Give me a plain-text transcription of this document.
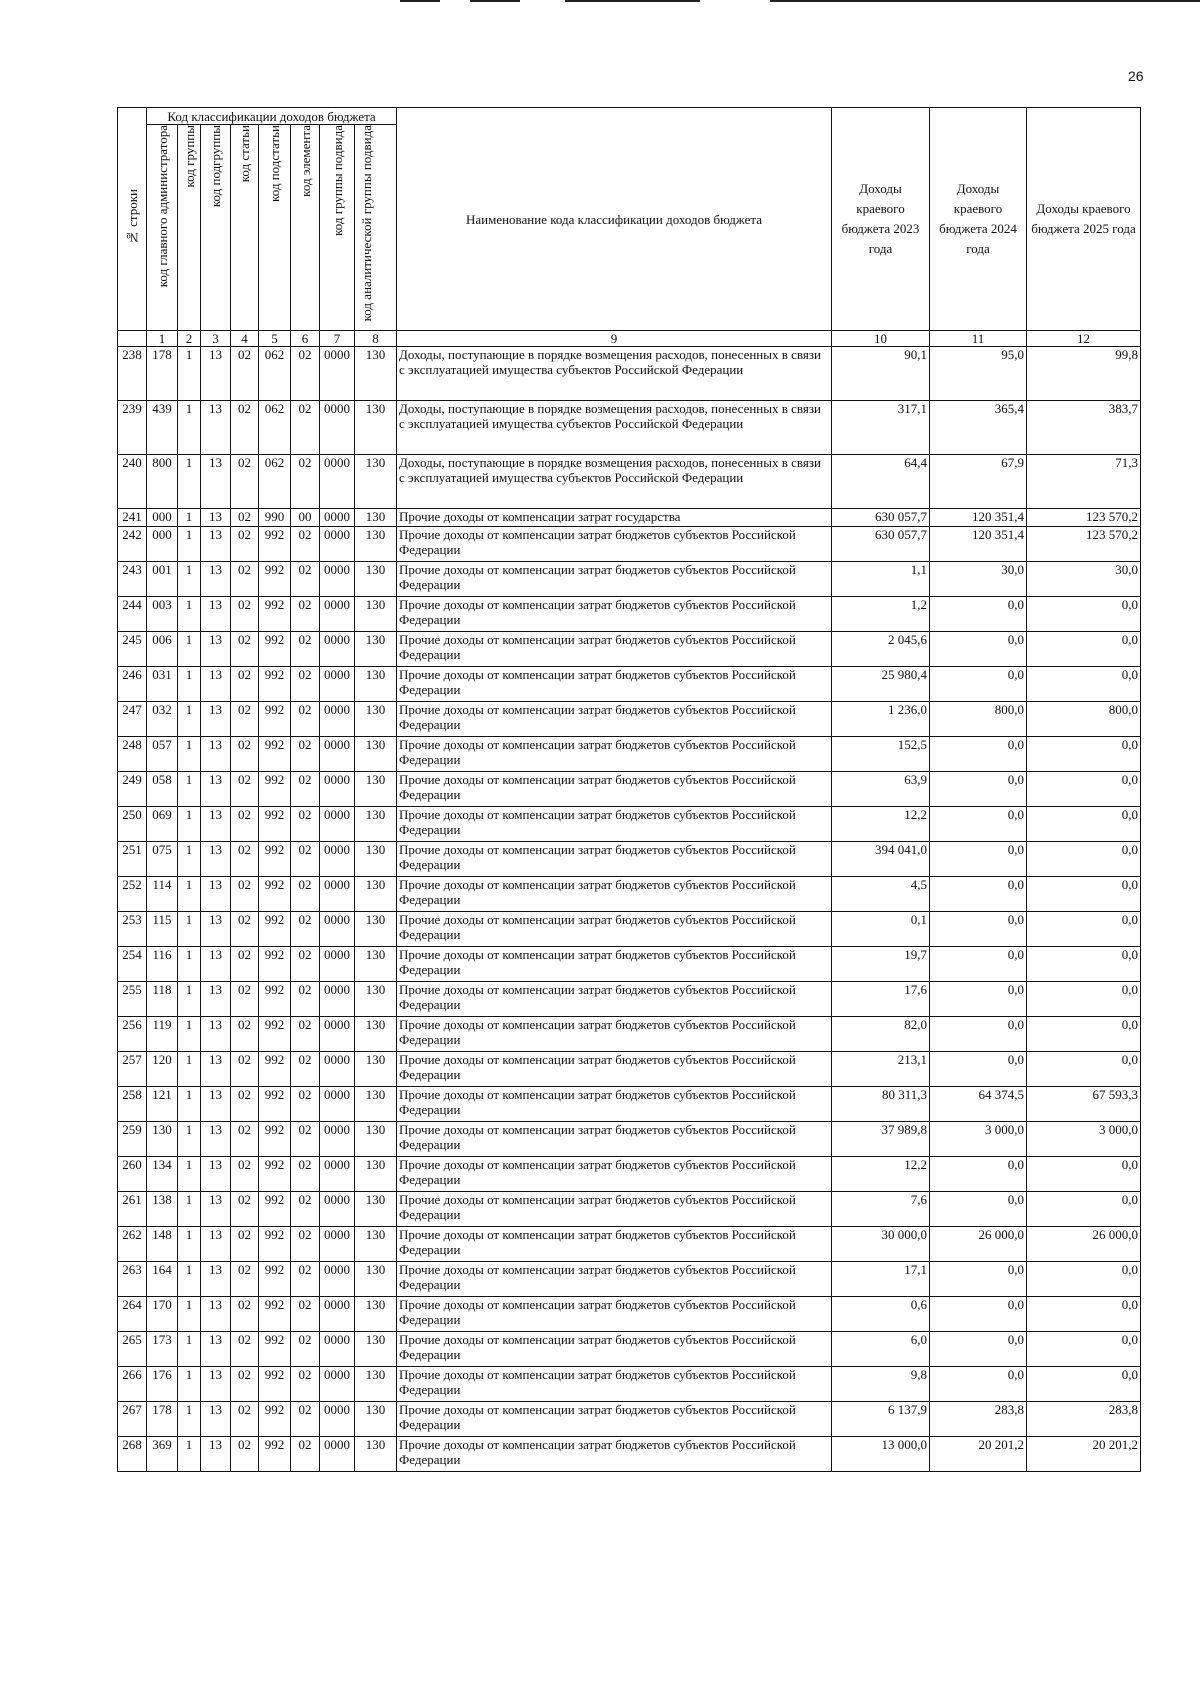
26
№ строки	Код классификации доходов бюджета								Наименование кода классификации доходов бюджета	Доходы краевого бюджета 2023 года	Доходы краевого бюджета 2024 года	Доходы краевого бюджета 2025 года
	код главного администратора	код группы	код подгруппы	код статьи	код подстатьи	код элемента	код группы подвида	код аналитической группы подвида				
	1	2	3	4	5	6	7	8	9	10	11	12
238	178	1	13	02	062	02	0000	130	Доходы, поступающие в порядке возмещения расходов, понесенных в связи с эксплуатацией имущества субъектов Российской Федерации	90,1	95,0	99,8
239	439	1	13	02	062	02	0000	130	Доходы, поступающие в порядке возмещения расходов, понесенных в связи с эксплуатацией имущества субъектов Российской Федерации	317,1	365,4	383,7
240	800	1	13	02	062	02	0000	130	Доходы, поступающие в порядке возмещения расходов, понесенных в связи с эксплуатацией имущества субъектов Российской Федерации	64,4	67,9	71,3
241	000	1	13	02	990	00	0000	130	Прочие доходы от компенсации затрат государства	630 057,7	120 351,4	123 570,2
242	000	1	13	02	992	02	0000	130	Прочие доходы от компенсации затрат бюджетов субъектов Российской Федерации	630 057,7	120 351,4	123 570,2
243	001	1	13	02	992	02	0000	130	Прочие доходы от компенсации затрат бюджетов субъектов Российской Федерации	1,1	30,0	30,0
244	003	1	13	02	992	02	0000	130	Прочие доходы от компенсации затрат бюджетов субъектов Российской Федерации	1,2	0,0	0,0
245	006	1	13	02	992	02	0000	130	Прочие доходы от компенсации затрат бюджетов субъектов Российской Федерации	2 045,6	0,0	0,0
246	031	1	13	02	992	02	0000	130	Прочие доходы от компенсации затрат бюджетов субъектов Российской Федерации	25 980,4	0,0	0,0
247	032	1	13	02	992	02	0000	130	Прочие доходы от компенсации затрат бюджетов субъектов Российской Федерации	1 236,0	800,0	800,0
248	057	1	13	02	992	02	0000	130	Прочие доходы от компенсации затрат бюджетов субъектов Российской Федерации	152,5	0,0	0,0
249	058	1	13	02	992	02	0000	130	Прочие доходы от компенсации затрат бюджетов субъектов Российской Федерации	63,9	0,0	0,0
250	069	1	13	02	992	02	0000	130	Прочие доходы от компенсации затрат бюджетов субъектов Российской Федерации	12,2	0,0	0,0
251	075	1	13	02	992	02	0000	130	Прочие доходы от компенсации затрат бюджетов субъектов Российской Федерации	394 041,0	0,0	0,0
252	114	1	13	02	992	02	0000	130	Прочие доходы от компенсации затрат бюджетов субъектов Российской Федерации	4,5	0,0	0,0
253	115	1	13	02	992	02	0000	130	Прочие доходы от компенсации затрат бюджетов субъектов Российской Федерации	0,1	0,0	0,0
254	116	1	13	02	992	02	0000	130	Прочие доходы от компенсации затрат бюджетов субъектов Российской Федерации	19,7	0,0	0,0
255	118	1	13	02	992	02	0000	130	Прочие доходы от компенсации затрат бюджетов субъектов Российской Федерации	17,6	0,0	0,0
256	119	1	13	02	992	02	0000	130	Прочие доходы от компенсации затрат бюджетов субъектов Российской Федерации	82,0	0,0	0,0
257	120	1	13	02	992	02	0000	130	Прочие доходы от компенсации затрат бюджетов субъектов Российской Федерации	213,1	0,0	0,0
258	121	1	13	02	992	02	0000	130	Прочие доходы от компенсации затрат бюджетов субъектов Российской Федерации	80 311,3	64 374,5	67 593,3
259	130	1	13	02	992	02	0000	130	Прочие доходы от компенсации затрат бюджетов субъектов Российской Федерации	37 989,8	3 000,0	3 000,0
260	134	1	13	02	992	02	0000	130	Прочие доходы от компенсации затрат бюджетов субъектов Российской Федерации	12,2	0,0	0,0
261	138	1	13	02	992	02	0000	130	Прочие доходы от компенсации затрат бюджетов субъектов Российской Федерации	7,6	0,0	0,0
262	148	1	13	02	992	02	0000	130	Прочие доходы от компенсации затрат бюджетов субъектов Российской Федерации	30 000,0	26 000,0	26 000,0
263	164	1	13	02	992	02	0000	130	Прочие доходы от компенсации затрат бюджетов субъектов Российской Федерации	17,1	0,0	0,0
264	170	1	13	02	992	02	0000	130	Прочие доходы от компенсации затрат бюджетов субъектов Российской Федерации	0,6	0,0	0,0
265	173	1	13	02	992	02	0000	130	Прочие доходы от компенсации затрат бюджетов субъектов Российской Федерации	6,0	0,0	0,0
266	176	1	13	02	992	02	0000	130	Прочие доходы от компенсации затрат бюджетов субъектов Российской Федерации	9,8	0,0	0,0
267	178	1	13	02	992	02	0000	130	Прочие доходы от компенсации затрат бюджетов субъектов Российской Федерации	6 137,9	283,8	283,8
268	369	1	13	02	992	02	0000	130	Прочие доходы от компенсации затрат бюджетов субъектов Российской Федерации	13 000,0	20 201,2	20 201,2
